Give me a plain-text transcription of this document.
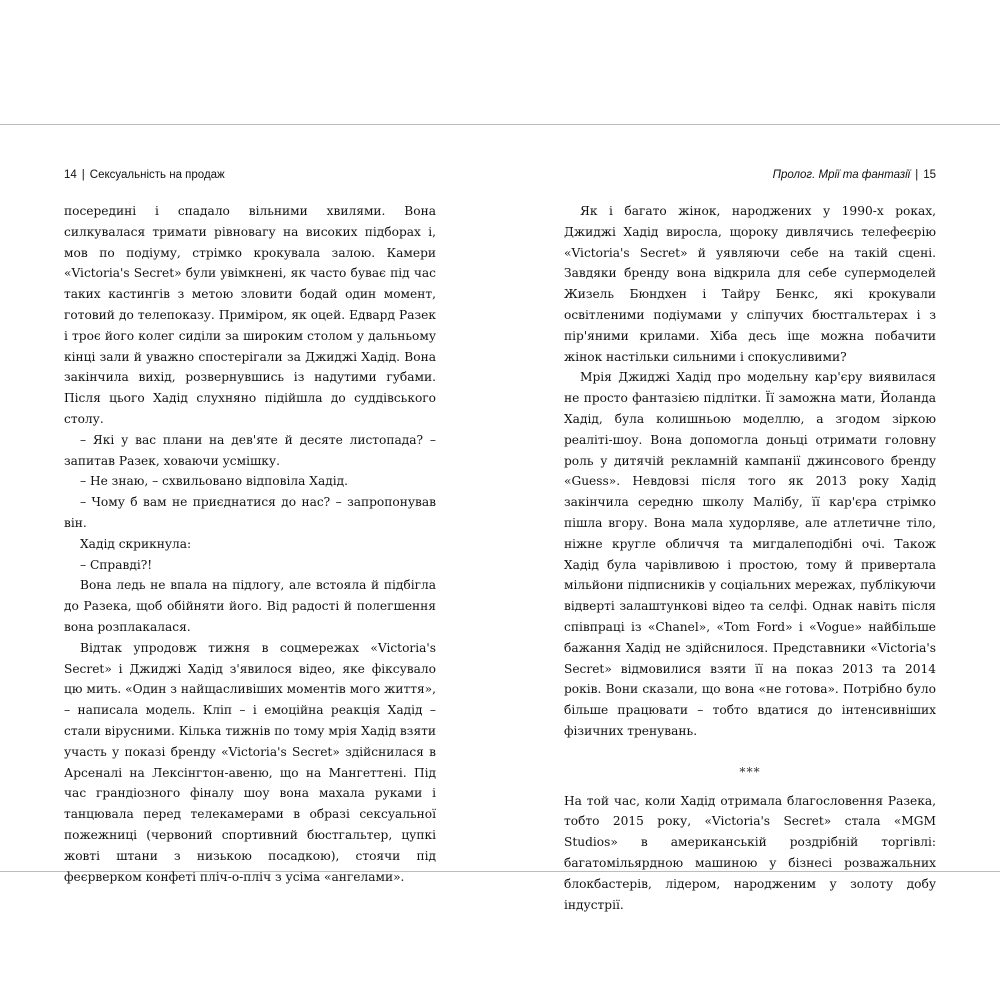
14 | Сексуальність на продаж

посередині і спадало вільними хвилями. Вона силкувалася тримати рівновагу на високих підборах і, мов по подіуму, стрімко крокувала залою. Камери «Victoria's Secret» були увімкнені, як часто буває під час таких кастингів з метою зловити бодай один момент, готовий до телепоказу. Приміром, як оцей. Едвард Разек і троє його колег сиділи за широким столом у дальньому кінці зали й уважно спостерігали за Джиджі Хадід. Вона закінчила вихід, розвернувшись із надутими губами. Після цього Хадід слухняно підійшла до суддівського столу.

– Які у вас плани на дев'яте й десяте листопада? – запитав Разек, ховаючи усмішку.

– Не знаю, – схвильовано відповіла Хадід.

– Чому б вам не приєднатися до нас? – запропонував він.

Хадід скрикнула:

– Справді?!

Вона ледь не впала на підлогу, але встояла й підбігла до Разека, щоб обійняти його. Від радості й полегшення вона розплакалася.

Відтак упродовж тижня в соцмережах «Victoria's Secret» і Джиджі Хадід з'явилося відео, яке фіксувало цю мить. «Один з найщасливіших моментів мого життя», – написала модель. Кліп – і емоційна реакція Хадід – стали вірусними. Кілька тижнів по тому мрія Хадід взяти участь у показі бренду «Victoria's Secret» здійснилася в Арсеналі на Лексінгтон-авеню, що на Мангеттені. Під час грандіозного фіналу шоу вона махала руками і танцювала перед телекамерами в образі сексуальної пожежниці (червоний спортивний бюстгальтер, цупкі жовті штани з низькою посадкою), стоячи під феєрверком конфеті пліч-о-пліч з усіма «ангелами».

Пролог. Мрії та фантазії | 15

Як і багато жінок, народжених у 1990-х роках, Джиджі Хадід виросла, щороку дивлячись телефеєрію «Victoria's Secret» й уявляючи себе на такій сцені. Завдяки бренду вона відкрила для себе супермоделей Жизель Бюндхен і Тайру Бенкс, які крокували освітленими подіумами у сліпучих бюстгальтерах і з пір'яними крилами. Хіба десь іще можна побачити жінок настільки сильними і спокусливими?

Мрія Джиджі Хадід про модельну кар'єру виявилася не просто фантазією підлітки. Її заможна мати, Йоланда Хадід, була колишньою моделлю, а згодом зіркою реаліті-шоу. Вона допомогла доньці отримати головну роль у дитячій рекламній кампанії джинсового бренду «Guess». Невдовзі після того як 2013 року Хадід закінчила середню школу Малібу, її кар'єра стрімко пішла вгору. Вона мала худорляве, але атлетичне тіло, ніжне кругле обличчя та мигдалеподібні очі. Також Хадід була чарівливою і простою, тому й привертала мільйони підписників у соціальних мережах, публікуючи відверті залаштункові відео та селфі. Однак навіть після співпраці із «Chanel», «Tom Ford» і «Vogue» найбільше бажання Хадід не здійснилося. Представники «Victoria's Secret» відмовилися взяти її на показ 2013 та 2014 років. Вони сказали, що вона «не готова». Потрібно було більше працювати – тобто вдатися до інтенсивніших фізичних тренувань.

***

На той час, коли Хадід отримала благословення Разека, тобто 2015 року, «Victoria's Secret» стала «MGM Studios» в американській роздрібній торгівлі: багатомільярдною машиною у бізнесі розважальних блокбастерів, лідером, народженим у золоту добу індустрії.
